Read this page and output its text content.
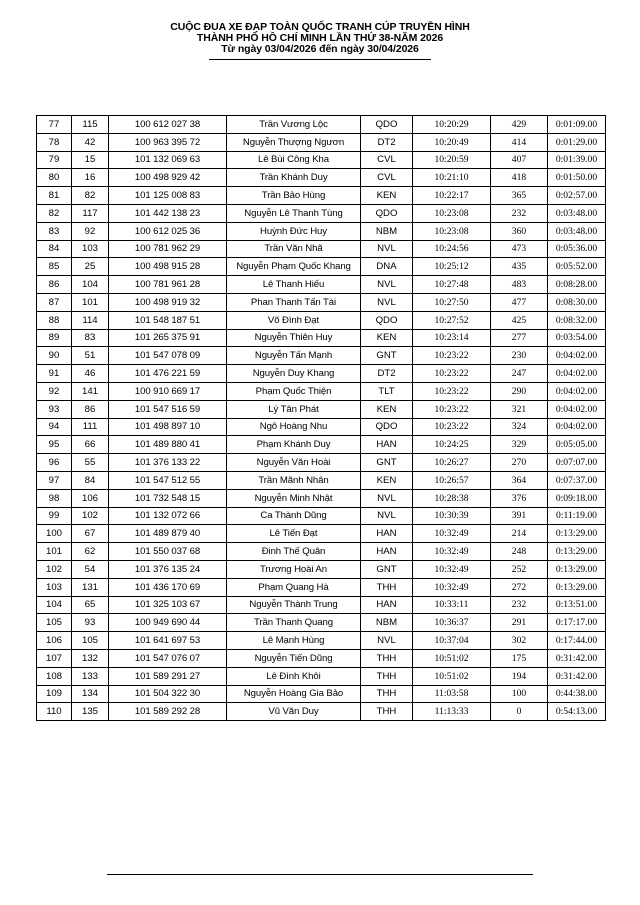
CUỘC ĐUA XE ĐẠP TOÀN QUỐC TRANH CÚP TRUYỀN HÌNH
THÀNH PHỐ HỒ CHÍ MINH LẦN THỨ 38-NĂM 2026
Từ ngày 03/04/2026 đến ngày 30/04/2026
77	115	100 612 027 38	Trần Vương Lộc	QDO	10:20:29	429	0:01:09.00
78	42	100 963 395 72	Nguyễn Thượng Ngươn	DT2	10:20:49	414	0:01:29.00
79	15	101 132 069 63	Lê Bùi Công Kha	CVL	10:20:59	407	0:01:39.00
80	16	100 498 929 42	Trần Khánh Duy	CVL	10:21:10	418	0:01:50.00
81	82	101 125 008 83	Trần Bảo Hùng	KEN	10:22:17	365	0:02:57.00
82	117	101 442 138 23	Nguyễn Lê Thanh Tùng	QDO	10:23:08	232	0:03:48.00
83	92	100 612 025 36	Huỳnh Đức Huy	NBM	10:23:08	360	0:03:48.00
84	103	100 781 962 29	Trần Văn Nhã	NVL	10:24:56	473	0:05:36.00
85	25	100 498 915 28	Nguyễn Phạm Quốc Khang	DNA	10:25:12	435	0:05:52.00
86	104	100 781 961 28	Lê Thanh Hiếu	NVL	10:27:48	483	0:08:28.00
87	101	100 498 919 32	Phan Thanh Tấn Tài	NVL	10:27:50	477	0:08:30.00
88	114	101 548 187 51	Võ Đình Đạt	QDO	10:27:52	425	0:08:32.00
89	83	101 265 375 91	Nguyễn Thiên Huy	KEN	10:23:14	277	0:03:54.00
90	51	101 547 078 09	Nguyễn Tấn Mạnh	GNT	10:23:22	230	0:04:02.00
91	46	101 476 221 59	Nguyễn Duy Khang	DT2	10:23:22	247	0:04:02.00
92	141	100 910 669 17	Phạm Quốc Thiện	TLT	10:23:22	290	0:04:02.00
93	86	101 547 516 59	Lý Tân Phát	KEN	10:23:22	321	0:04:02.00
94	111	101 498 897 10	Ngô Hoàng Nhu	QDO	10:23:22	324	0:04:02.00
95	66	101 489 880 41	Phạm Khánh Duy	HAN	10:24:25	329	0:05:05.00
96	55	101 376 133 22	Nguyễn Văn Hoài	GNT	10:26:27	270	0:07:07.00
97	84	101 547 512 55	Trần Mãnh Nhân	KEN	10:26:57	364	0:07:37.00
98	106	101 732 548 15	Nguyễn Minh Nhật	NVL	10:28:38	376	0:09:18.00
99	102	101 132 072 66	Ca Thành Dũng	NVL	10:30:39	391	0:11:19.00
100	67	101 489 879 40	Lê Tiến Đạt	HAN	10:32:49	214	0:13:29.00
101	62	101 550 037 68	Đinh Thế Quân	HAN	10:32:49	248	0:13:29.00
102	54	101 376 135 24	Trương Hoài An	GNT	10:32:49	252	0:13:29.00
103	131	101 436 170 69	Phạm Quang Hà	THH	10:32:49	272	0:13:29.00
104	65	101 325 103 67	Nguyễn Thành Trung	HAN	10:33:11	232	0:13:51.00
105	93	100 949 690 44	Trần Thanh Quang	NBM	10:36:37	291	0:17:17.00
106	105	101 641 697 53	Lê Mạnh Hùng	NVL	10:37:04	302	0:17:44.00
107	132	101 547 076 07	Nguyễn Tiến Dũng	THH	10:51:02	175	0:31:42.00
108	133	101 589 291 27	Lê Đình Khôi	THH	10:51:02	194	0:31:42.00
109	134	101 504 322 30	Nguyễn Hoàng Gia Bảo	THH	11:03:58	100	0:44:38.00
110	135	101 589 292 28	Vũ Văn Duy	THH	11:13:33	0	0:54:13.00
